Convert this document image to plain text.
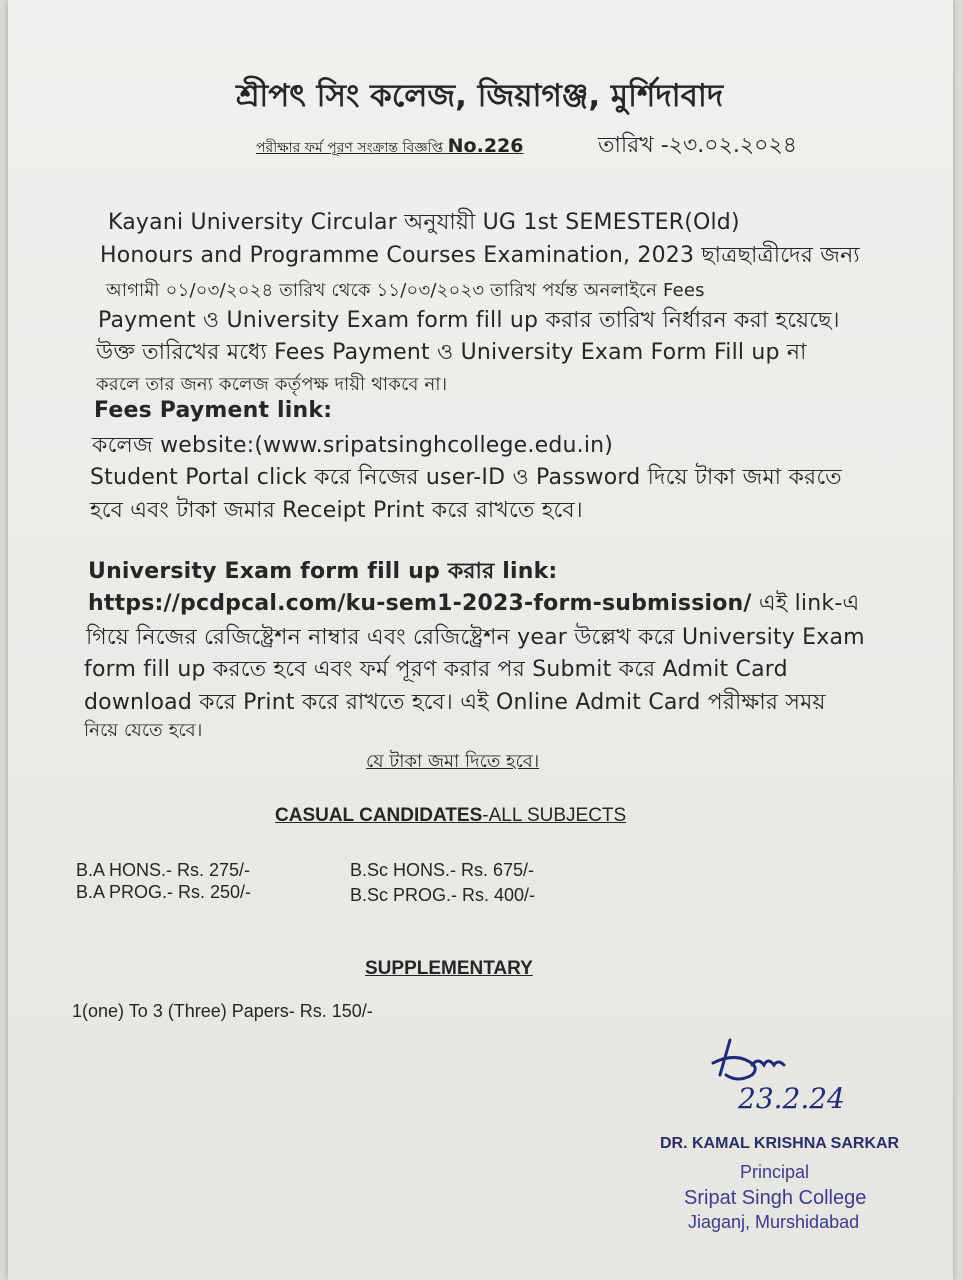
শ্রীপৎ সিং কলেজ, জিয়াগঞ্জ, মুর্শিদাবাদ
পরীক্ষার ফর্ম পূরণ সংক্রান্ত বিজ্ঞপ্তি No.226	তারিখ -২৩.০২.২০২৪
Kayani University Circular অনুযায়ী UG 1st SEMESTER(Old)
Honours and Programme Courses Examination, 2023 ছাত্রছাত্রীদের জন্য
আগামী ০১/০৩/২০২৪ তারিখ থেকে ১১/০৩/২০২৩ তারিখ পর্যন্ত অনলাইনে Fees
Payment ও University Exam form fill up করার তারিখ নির্ধারন করা হয়েছে।
উক্ত তারিখের মধ্যে Fees Payment ও University Exam Form Fill up না
করলে তার জন্য কলেজ কর্তৃপক্ষ দায়ী থাকবে না।
Fees Payment link:
কলেজ website:(www.sripatsinghcollege.edu.in)
Student Portal click করে নিজের user-ID ও Password দিয়ে টাকা জমা করতে
হবে এবং টাকা জমার Receipt Print করে রাখতে হবে।
University Exam form fill up করার link:
https://pcdpcal.com/ku-sem1-2023-form-submission/ এই link-এ
গিয়ে নিজের রেজিষ্ট্রেশন নাম্বার এবং রেজিষ্ট্রেশন year উল্লেখ করে University Exam
form fill up করতে হবে এবং ফর্ম পূরণ করার পর Submit করে Admit Card
download করে Print করে রাখতে হবে। এই Online Admit Card পরীক্ষার সময়
নিয়ে যেতে হবে।
যে টাকা জমা দিতে হবে।
CASUAL CANDIDATES-ALL SUBJECTS
B.A HONS.- Rs. 275/-
B.A PROG.- Rs. 250/-
B.Sc HONS.- Rs. 675/-
B.Sc PROG.- Rs. 400/-
SUPPLEMENTARY
1(one) To 3 (Three) Papers- Rs. 150/-
23.2.24
DR. KAMAL KRISHNA SARKAR
Principal
Sripat Singh College
Jiaganj, Murshidabad
